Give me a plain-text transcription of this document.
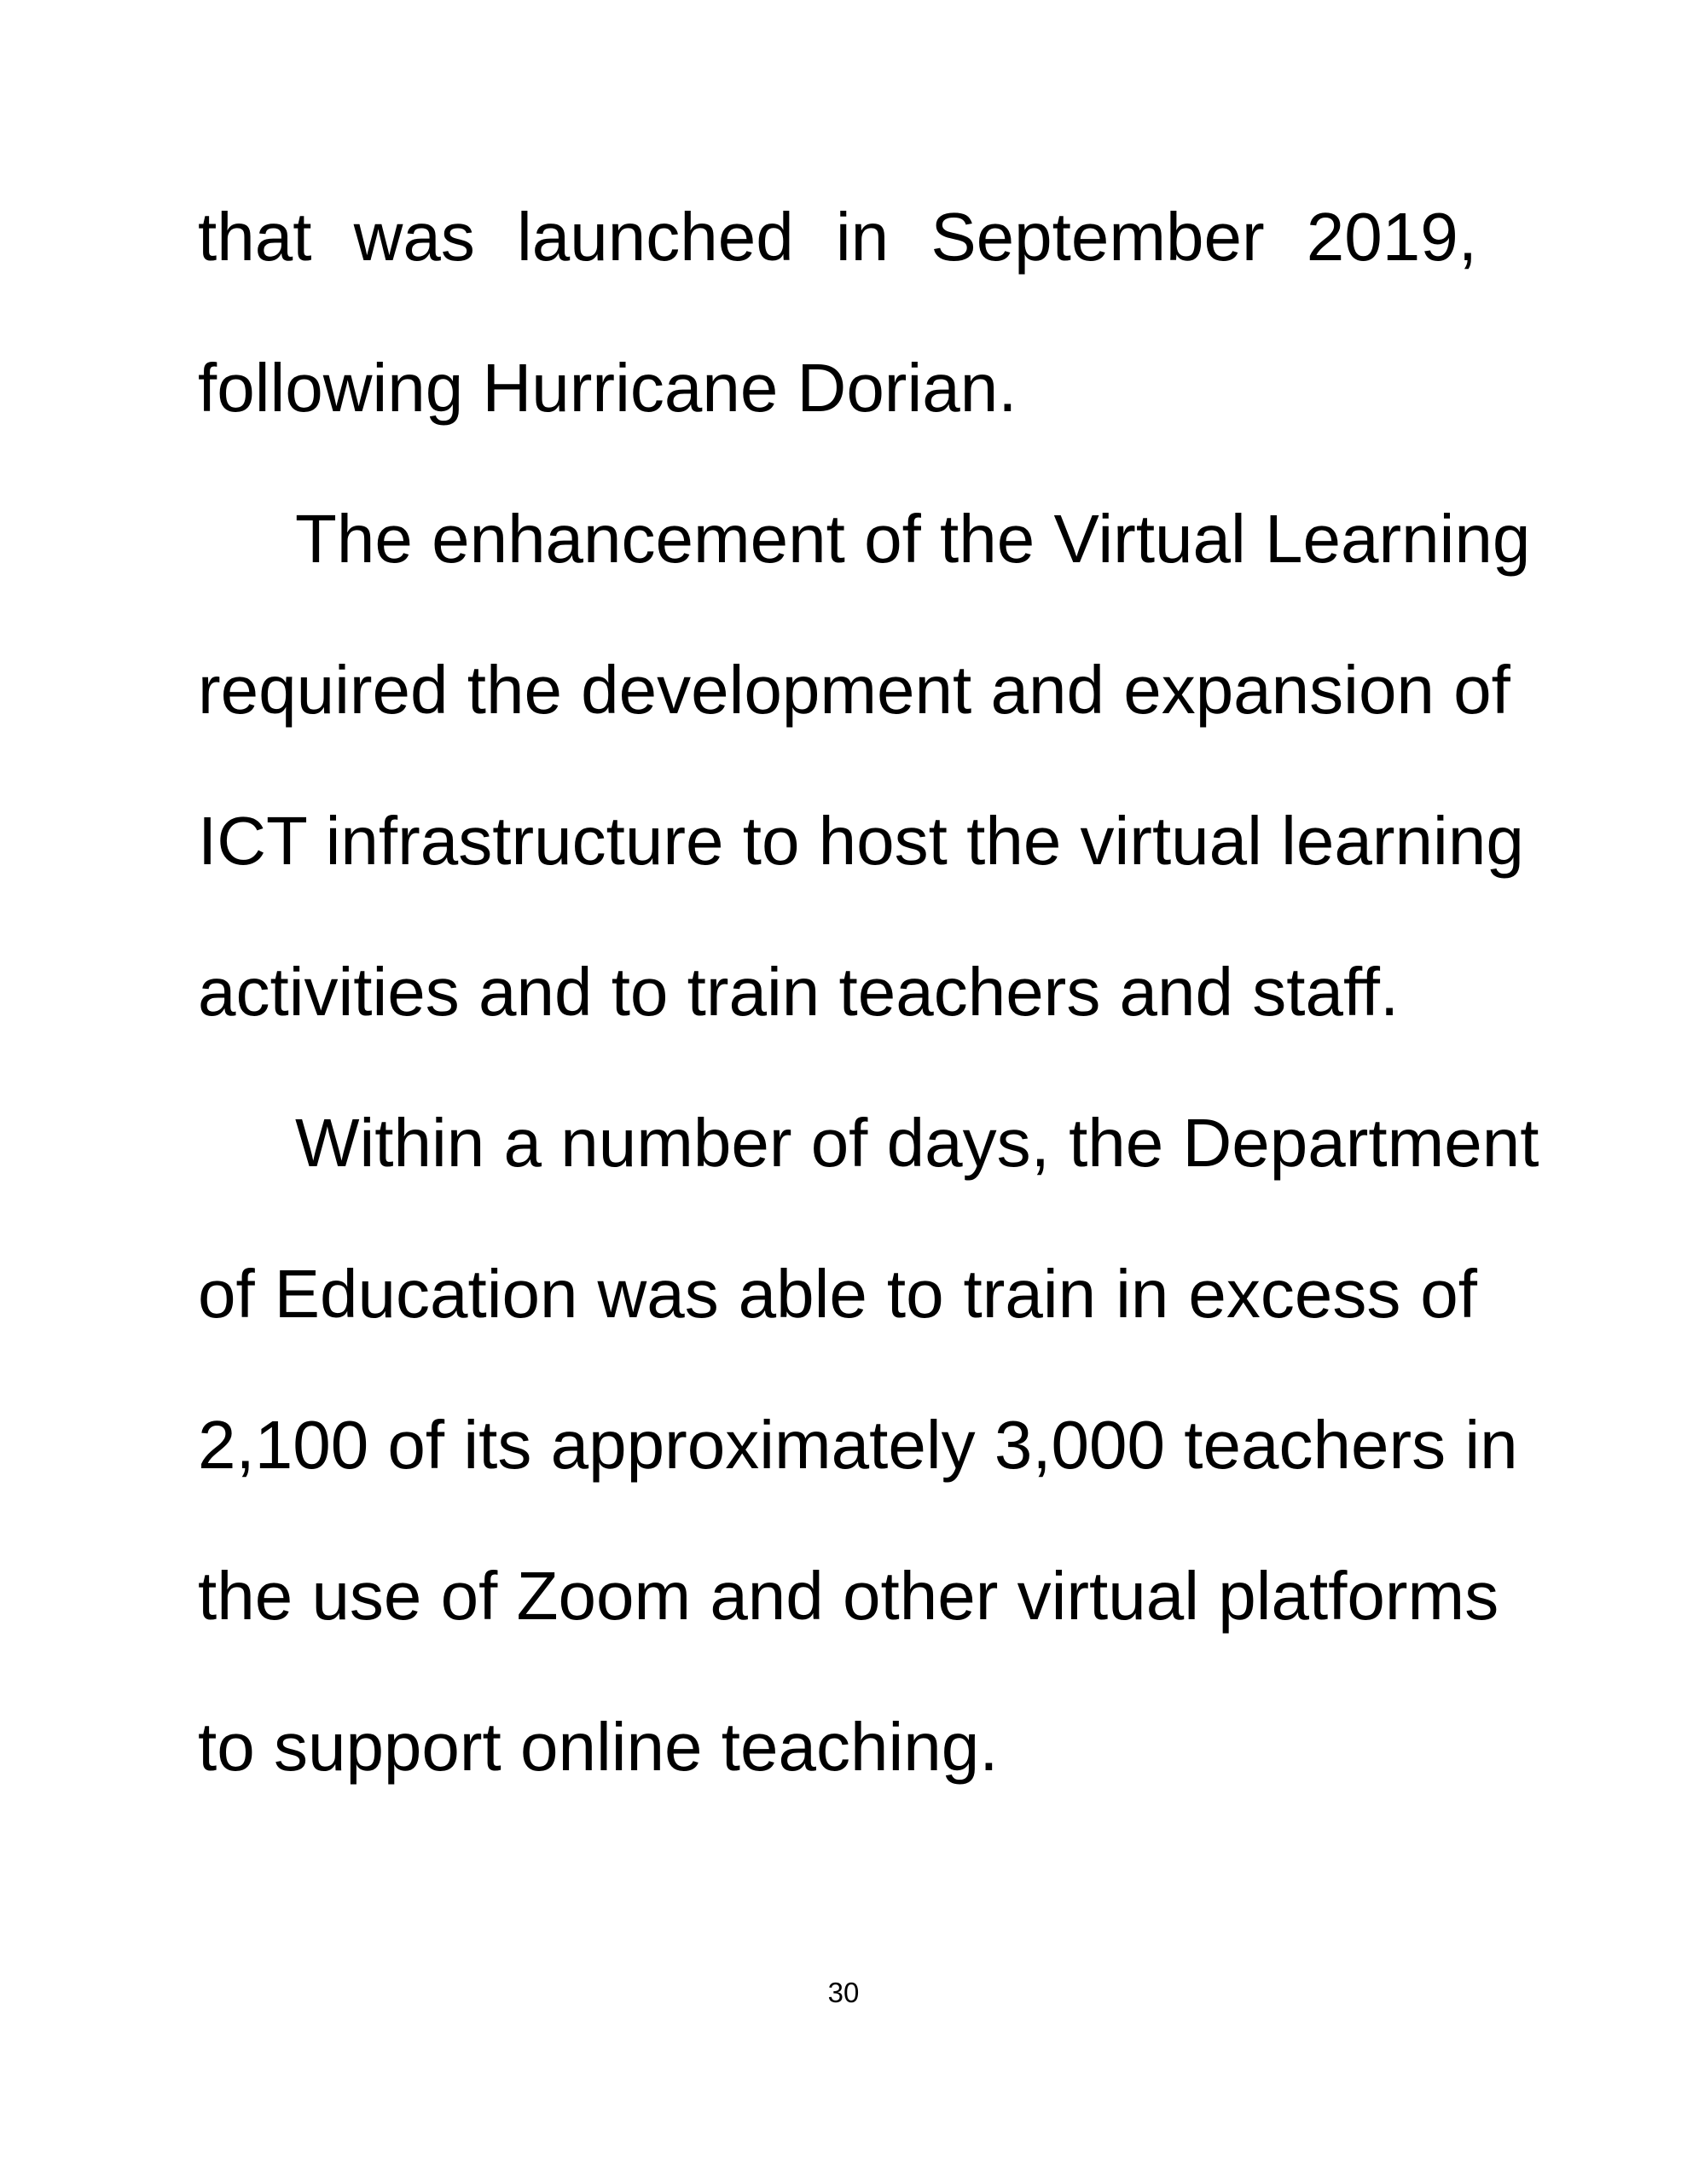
that was launched in September 2019,
following Hurricane Dorian.
The enhancement of the Virtual Learning
required the development and expansion of
ICT infrastructure to host the virtual learning
activities and to train teachers and staff.
Within a number of days, the Department
of Education was able to train in excess of
2,100 of its approximately 3,000 teachers in
the use of Zoom and other virtual platforms
to support online teaching.
30
